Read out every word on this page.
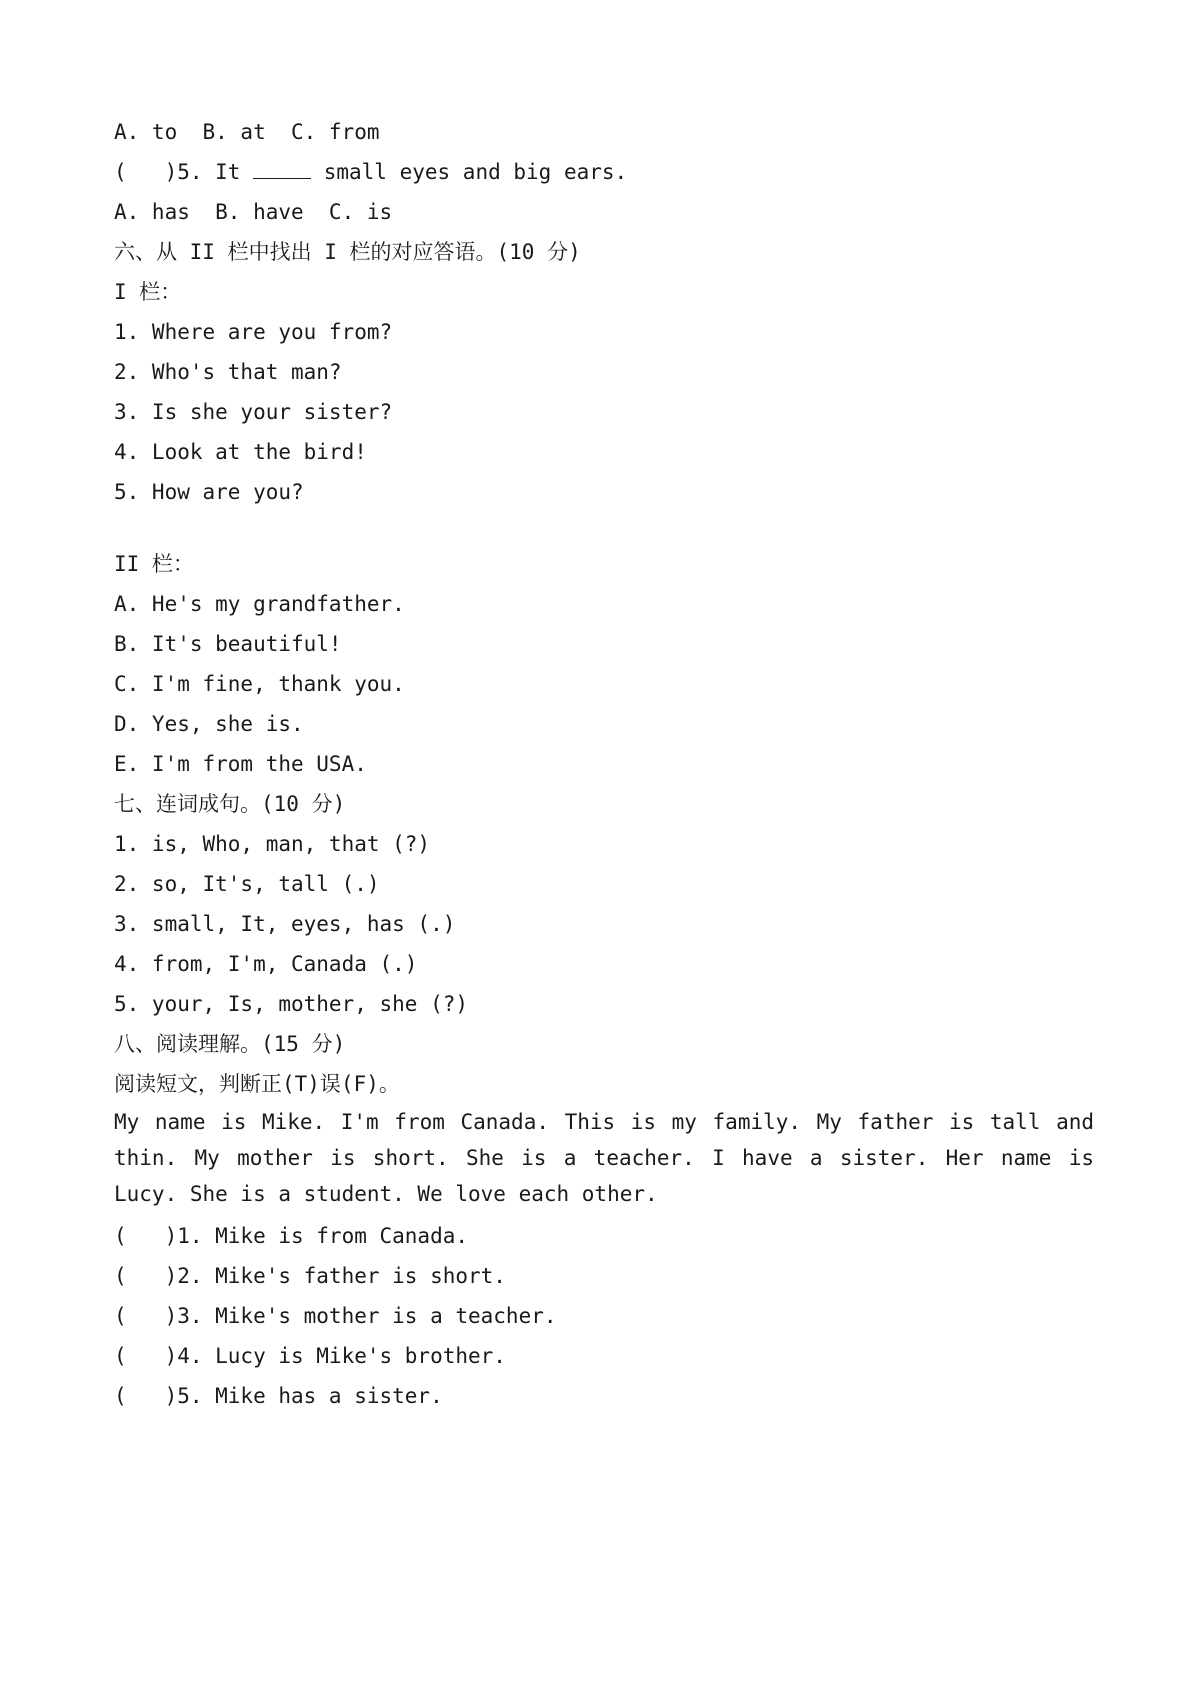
A. to  B. at  C. from
(   )5. It	small eyes and big ears.
A. has  B. have  C. is
六、从 II 栏中找出 I 栏的对应答语。(10 分)
I 栏：
1. Where are you from?
2. Who's that man?
3. Is she your sister?
4. Look at the bird!
5. How are you?
II 栏：
A. He's my grandfather.
B. It's beautiful!
C. I'm fine, thank you.
D. Yes, she is.
E. I'm from the USA.
七、连词成句。(10 分)
1. is, Who, man, that (?)
2. so, It's, tall (.)
3. small, It, eyes, has (.)
4. from, I'm, Canada (.)
5. your, Is, mother, she (?)
八、阅读理解。(15 分)
阅读短文，判断正(T)误(F)。
My name is Mike. I'm from Canada. This is my family. My father is tall and thin. My mother is short. She is a teacher. I have a sister. Her name is Lucy. She is a student. We love each other.
(   )1. Mike is from Canada.
(   )2. Mike's father is short.
(   )3. Mike's mother is a teacher.
(   )4. Lucy is Mike's brother.
(   )5. Mike has a sister.
